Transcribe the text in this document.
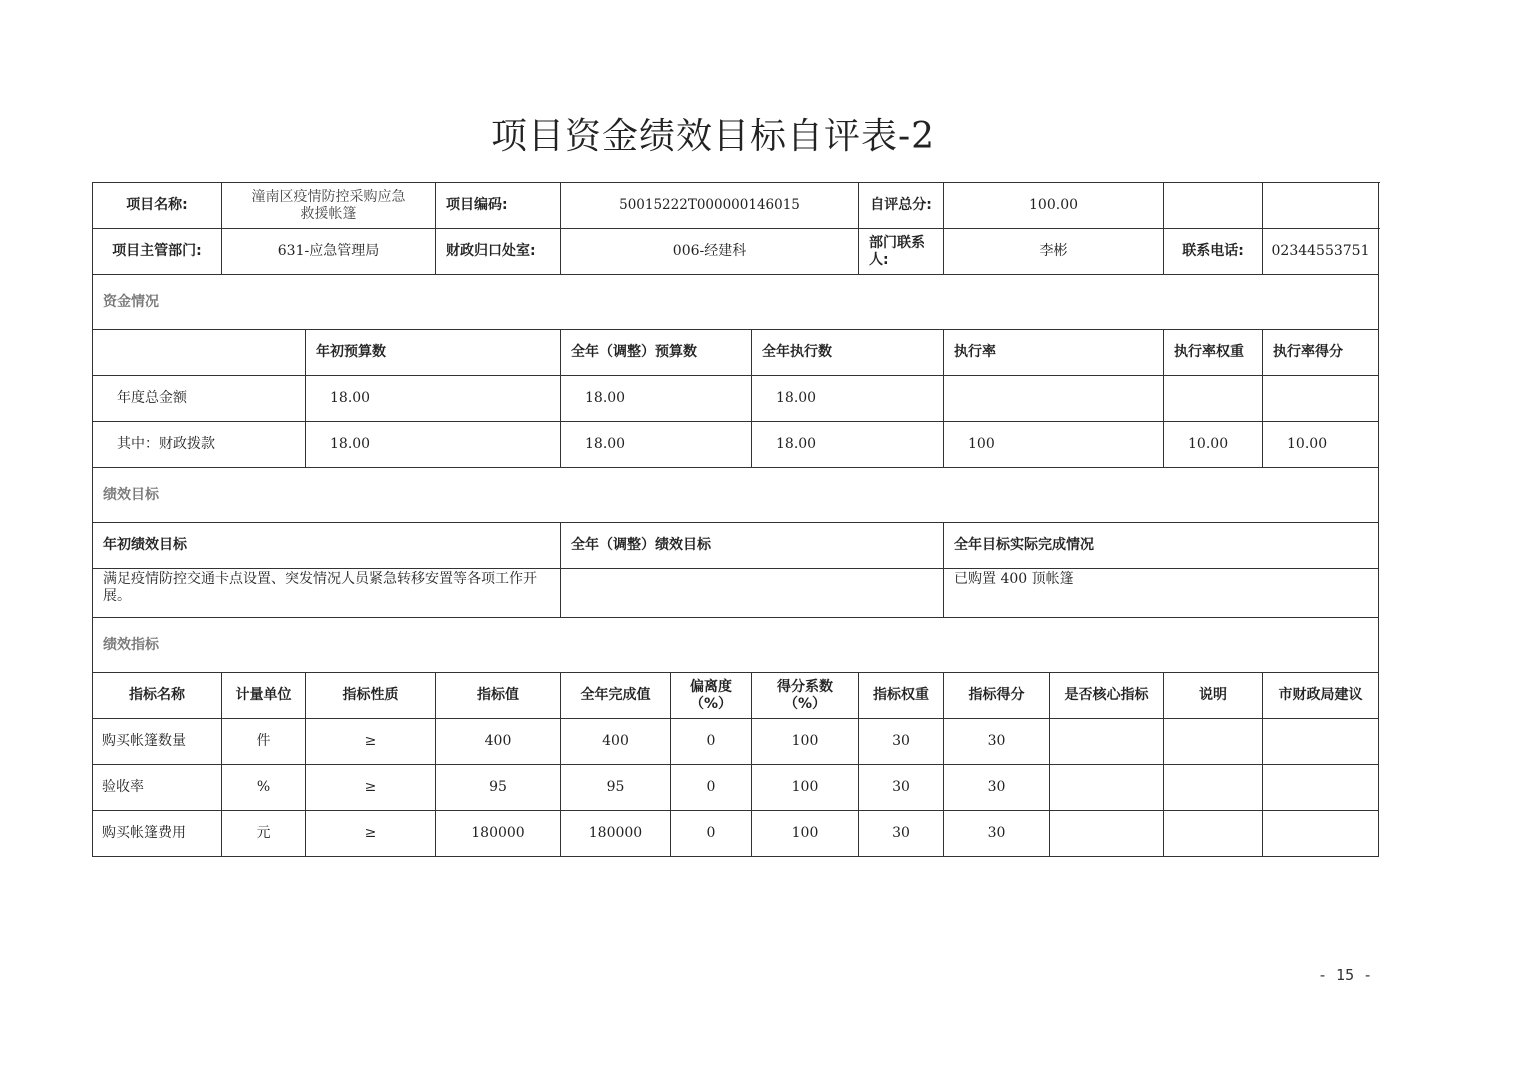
项目资金绩效目标自评表-2
项目名称:	潼南区疫情防控采购应急救援帐篷		项目编码:	50015222T000000146015			自评总分:	100.00			
项目主管部门:	631-应急管理局		财政归口处室:	006-经建科			部门联系人:	李彬		联系电话:	02344553751
资金情况											
		年初预算数		全年（调整）预算数		全年执行数		执行率		执行率权重	执行率得分
年度总金额		18.00		18.00		18.00					
其中：财政拨款		18.00		18.00		18.00		100		10.00	10.00
绩效目标											
年初绩效目标				全年（调整）绩效目标				全年目标实际完成情况			
满足疫情防控交通卡点设置、突发情况人员紧急转移安置等各项工作开展。								已购置 400 顶帐篷			
绩效指标											
指标名称	计量单位	指标性质	指标值	全年完成值	偏离度（%）	得分系数（%）	指标权重	指标得分	是否核心指标	说明	市财政局建议
购买帐篷数量	件	≥	400	400	0	100	30	30			
验收率	%	≥	95	95	0	100	30	30			
购买帐篷费用	元	≥	180000	180000	0	100	30	30			
- 15 -
